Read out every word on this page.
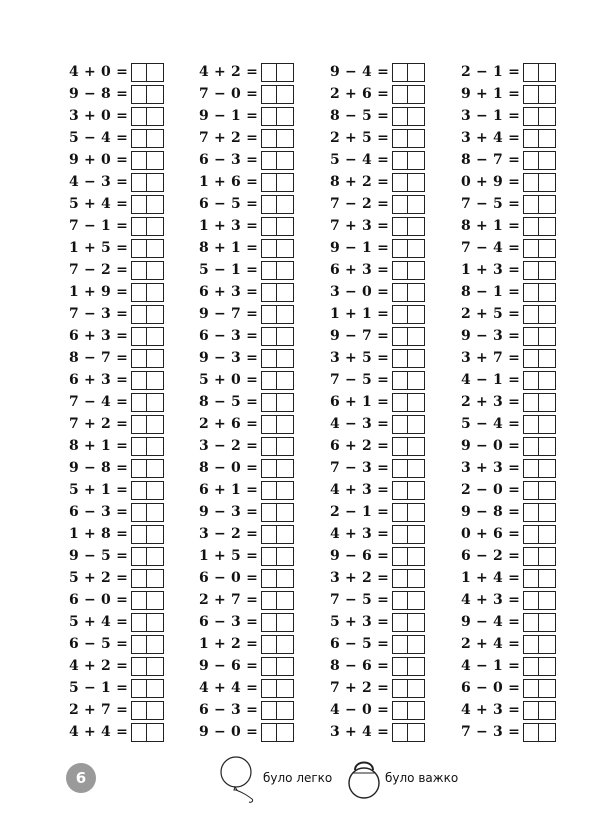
4 + 0 =
9 − 8 =
3 + 0 =
5 − 4 =
9 + 0 =
4 − 3 =
5 + 4 =
7 − 1 =
1 + 5 =
7 − 2 =
1 + 9 =
7 − 3 =
6 + 3 =
8 − 7 =
6 + 3 =
7 − 4 =
7 + 2 =
8 + 1 =
9 − 8 =
5 + 1 =
6 − 3 =
1 + 8 =
9 − 5 =
5 + 2 =
6 − 0 =
5 + 4 =
6 − 5 =
4 + 2 =
5 − 1 =
2 + 7 =
4 + 4 =
4 + 2 =
7 − 0 =
9 − 1 =
7 + 2 =
6 − 3 =
1 + 6 =
6 − 5 =
1 + 3 =
8 + 1 =
5 − 1 =
6 + 3 =
9 − 7 =
6 − 3 =
9 − 3 =
5 + 0 =
8 − 5 =
2 + 6 =
3 − 2 =
8 − 0 =
6 + 1 =
9 − 3 =
3 − 2 =
1 + 5 =
6 − 0 =
2 + 7 =
6 − 3 =
1 + 2 =
9 − 6 =
4 + 4 =
6 − 3 =
9 − 0 =
9 − 4 =
2 + 6 =
8 − 5 =
2 + 5 =
5 − 4 =
8 + 2 =
7 − 2 =
7 + 3 =
9 − 1 =
6 + 3 =
3 − 0 =
1 + 1 =
9 − 7 =
3 + 5 =
7 − 5 =
6 + 1 =
4 − 3 =
6 + 2 =
7 − 3 =
4 + 3 =
2 − 1 =
4 + 3 =
9 − 6 =
3 + 2 =
7 − 5 =
5 + 3 =
6 − 5 =
8 − 6 =
7 + 2 =
4 − 0 =
3 + 4 =
2 − 1 =
9 + 1 =
3 − 1 =
3 + 4 =
8 − 7 =
0 + 9 =
7 − 5 =
8 + 1 =
7 − 4 =
1 + 3 =
8 − 1 =
2 + 5 =
9 − 3 =
3 + 7 =
4 − 1 =
2 + 3 =
5 − 4 =
9 − 0 =
3 + 3 =
2 − 0 =
9 − 8 =
0 + 6 =
6 − 2 =
1 + 4 =
4 + 3 =
9 − 4 =
2 + 4 =
4 − 1 =
6 − 0 =
4 + 3 =
7 − 3 =
6	було легко	було важко
